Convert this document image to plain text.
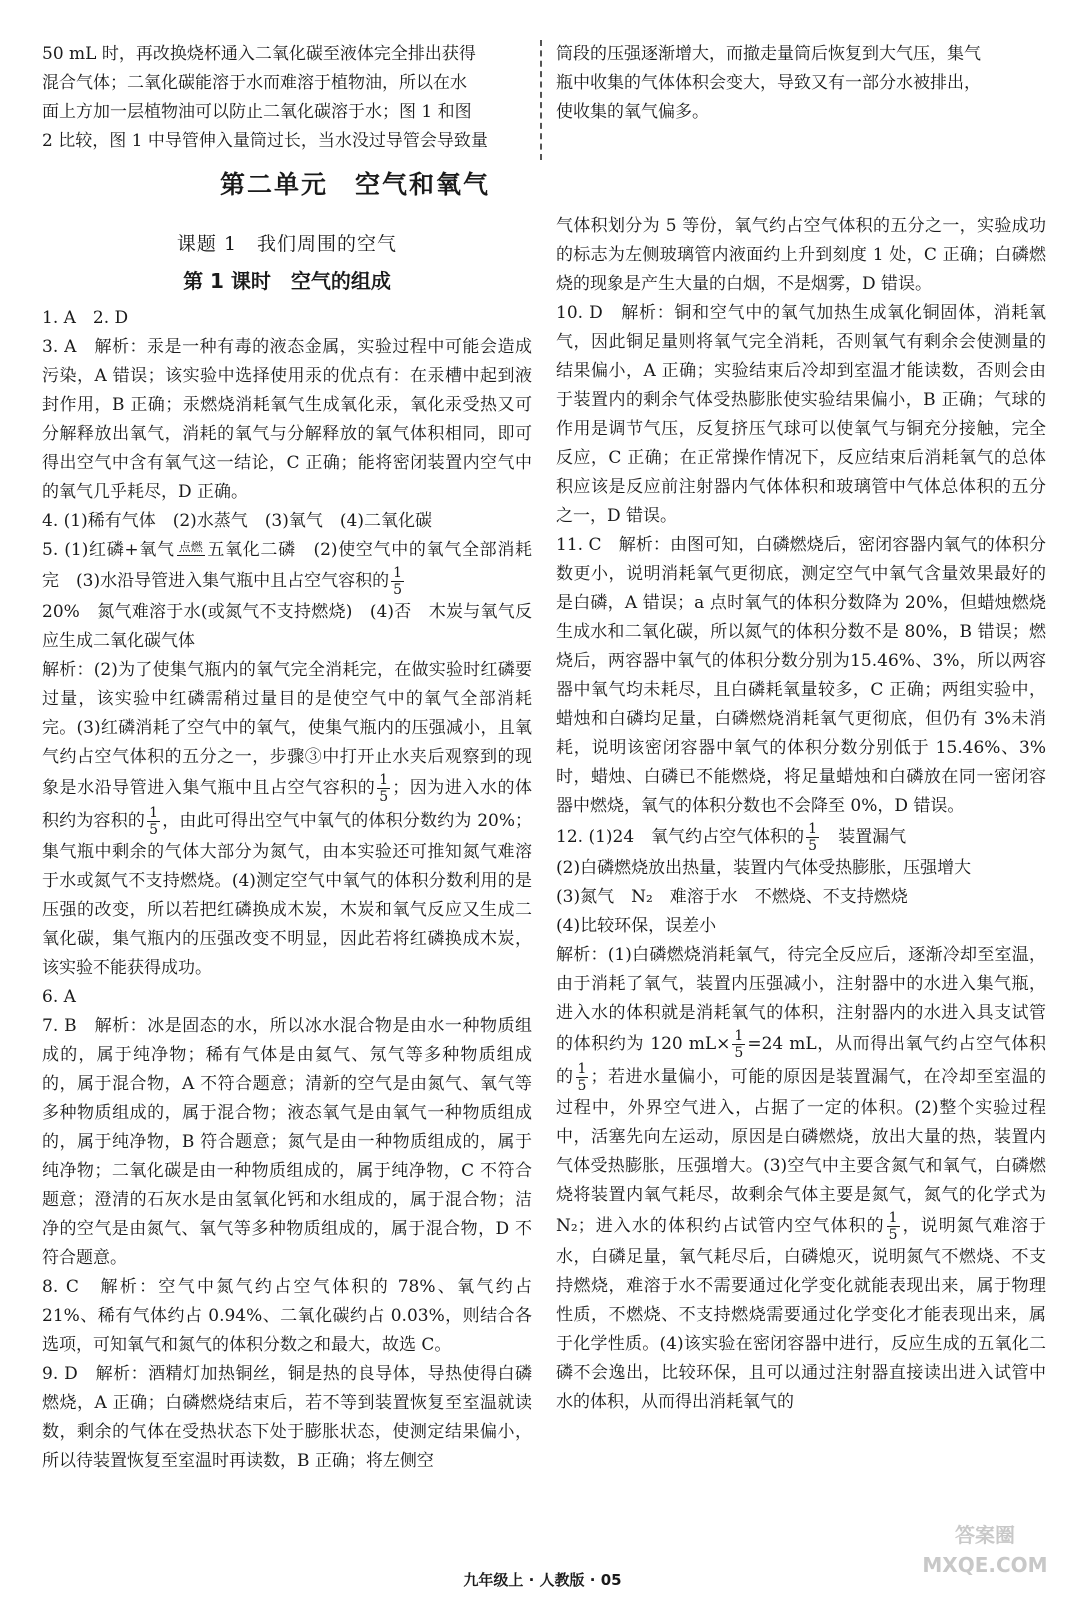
50 mL 时，再改换烧杯通入二氧化碳至液体完全排出获得

混合气体；二氧化碳能溶于水而难溶于植物油，所以在水

面上方加一层植物油可以防止二氧化碳溶于水；图 1 和图

2 比较，图 1 中导管伸入量筒过长，当水没过导管会导致量

筒段的压强逐渐增大，而撤走量筒后恢复到大气压，集气

瓶中收集的气体体积会变大，导致又有一部分水被排出，

使收集的氧气偏多。

第二单元　空气和氧气
课题 1　我们周围的空气
第 1 课时　空气的组成

1. A　2. D

3. A　解析：汞是一种有毒的液态金属，实验过程中可能会造成污染，A 错误；该实验中选择使用汞的优点有：在汞槽中起到液封作用，B 正确；汞燃烧消耗氧气生成氧化汞，氧化汞受热又可分解释放出氧气，消耗的氧气与分解释放的氧气体积相同，即可得出空气中含有氧气这一结论，C 正确；能将密闭装置内空气中的氧气几乎耗尽，D 正确。

4. (1)稀有气体　(2)水蒸气　(3)氧气　(4)二氧化碳

5. (1)红磷+氧气 点燃
五氧化二磷　(2)使空气中的氧气全部消耗完　(3)水沿导管进入集气瓶中且占空气容积的 $\frac{1}{5}$

20%　氮气难溶于水(或氮气不支持燃烧)　(4)否　木炭与氧气反应生成二氧化碳气体

解析：(2)为了使集气瓶内的氧气完全消耗完，在做实验时红磷要过量，该实验中红磷需稍过量目的是使空气中的氧气全部消耗完。(3)红磷消耗了空气中的氧气，使集气瓶内的压强减小，且氧气约占空气体积的五分之一，步骤③中打开止水夹后观察到的现象是水沿导管进入集气瓶中且占空气容积的 $\frac{1}{5}$ ；因为进入水的体积约为容积的 $\frac{1}{5}$ ，由此可得出空气中氧气的体积分数约为 20%；集气瓶中剩余的气体大部分为氮气，由本实验还可推知氮气难溶于水或氮气不支持燃烧。(4)测定空气中氧气的体积分数利用的是压强的改变，所以若把红磷换成木炭，木炭和氧气反应又生成二氧化碳，集气瓶内的压强改变不明显，因此若将红磷换成木炭，该实验不能获得成功。

6. A

7. B　解析：冰是固态的水，所以冰水混合物是由水一种物质组成的，属于纯净物；稀有气体是由氦气、氖气等多种物质组成的，属于混合物，A 不符合题意；清新的空气是由氮气、氧气等多种物质组成的，属于混合物；液态氧气是由氧气一种物质组成的，属于纯净物，B 符合题意；氮气是由一种物质组成的，属于纯净物；二氧化碳是由一种物质组成的，属于纯净物，C 不符合题意；澄清的石灰水是由氢氧化钙和水组成的，属于混合物；洁净的空气是由氮气、氧气等多种物质组成的，属于混合物，D 不符合题意。

8. C　解析：空气中氮气约占空气体积的 78%、氧气约占 21%、稀有气体约占 0.94%、二氧化碳约占 0.03%，则结合各选项，可知氧气和氮气的体积分数之和最大，故选 C。

9. D　解析：酒精灯加热铜丝，铜是热的良导体，导热使得白磷燃烧，A 正确；白磷燃烧结束后，若不等到装置恢复至室温就读数，剩余的气体在受热状态下处于膨胀状态，使测定结果偏小，所以待装置恢复至室温时再读数，B 正确；将左侧空

气体积划分为 5 等份，氧气约占空气体积的五分之一，实验成功的标志为左侧玻璃管内液面约上升到刻度 1 处，C 正确；白磷燃烧的现象是产生大量的白烟，不是烟雾，D 错误。

10. D　解析：铜和空气中的氧气加热生成氧化铜固体，消耗氧气，因此铜足量则将氧气完全消耗，否则氧气有剩余会使测量的结果偏小，A 正确；实验结束后冷却到室温才能读数，否则会由于装置内的剩余气体受热膨胀使实验结果偏小，B 正确；气球的作用是调节气压，反复挤压气球可以使氧气与铜充分接触，完全反应，C 正确；在正常操作情况下，反应结束后消耗氧气的总体积应该是反应前注射器内气体体积和玻璃管中气体总体积的五分之一，D 错误。

11. C　解析：由图可知，白磷燃烧后，密闭容器内氧气的体积分数更小，说明消耗氧气更彻底，测定空气中氧气含量效果最好的是白磷，A 错误；a 点时氧气的体积分数降为 20%，但蜡烛燃烧生成水和二氧化碳，所以氮气的体积分数不是 80%，B 错误；燃烧后，两容器中氧气的体积分数分别为15.46%、3%，所以两容器中氧气均未耗尽，且白磷耗氧量较多，C 正确；两组实验中，蜡烛和白磷均足量，白磷燃烧消耗氧气更彻底，但仍有 3%未消耗，说明该密闭容器中氧气的体积分数分别低于 15.46%、3%时，蜡烛、白磷已不能燃烧，将足量蜡烛和白磷放在同一密闭容器中燃烧，氧气的体积分数也不会降至 0%，D 错误。

12. (1)24　氧气约占空气体积的 $\frac{1}{5}$ 　装置漏气

(2)白磷燃烧放出热量，装置内气体受热膨胀，压强增大

(3)氮气　N₂　难溶于水　不燃烧、不支持燃烧

(4)比较环保，误差小

解析：(1)白磷燃烧消耗氧气，待完全反应后，逐渐冷却至室温，由于消耗了氧气，装置内压强减小，注射器中的水进入集气瓶，进入水的体积就是消耗氧气的体积，注射器内的水进入具支试管的体积约为 120 $mL\times \frac{1}{5} =24$ mL，从而得出氧气约占空气体积的 $\frac{1}{5}$ ；若进水量偏小，可能的原因是装置漏气，在冷却至室温的过程中，外界空气进入，占据了一定的体积。(2)整个实验过程中，活塞先向左运动，原因是白磷燃烧，放出大量的热，装置内气体受热膨胀，压强增大。(3)空气中主要含氮气和氧气，白磷燃烧将装置内氧气耗尽，故剩余气体主要是氮气，氮气的化学式为 N₂；进入水的体积约占试管内空气体积的 $\frac{1}{5}$ ，说明氮气难溶于水，白磷足量，氧气耗尽后，白磷熄灭，说明氮气不燃烧、不支持燃烧，难溶于水不需要通过化学变化就能表现出来，属于物理性质，不燃烧、不支持燃烧需要通过化学变化才能表现出来，属于化学性质。(4)该实验在密闭容器中进行，反应生成的五氧化二磷不会逸出，比较环保，且可以通过注射器直接读出进入试管中水的体积，从而得出消耗氧气的

答案圈
MXQE.COM
九年级上 · 人教版 · 05
